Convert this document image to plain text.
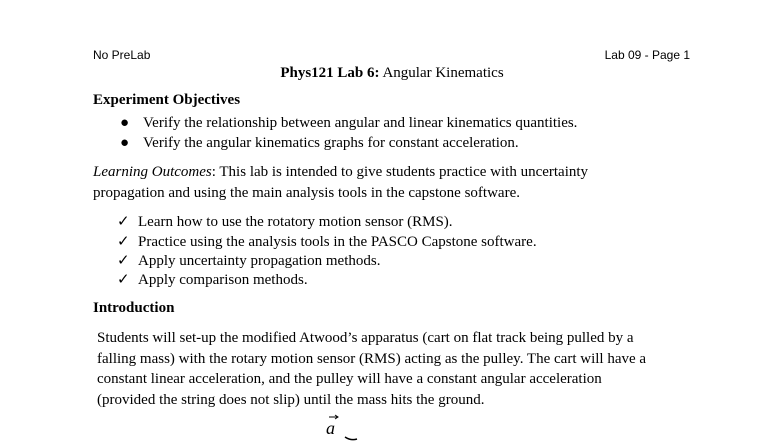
No PreLab	Lab 09 - Page 1
Phys121 Lab 6: Angular Kinematics
Experiment Objectives
● Verify the relationship between angular and linear kinematics quantities.
● Verify the angular kinematics graphs for constant acceleration.
Learning Outcomes: This lab is intended to give students practice with uncertainty
propagation and using the main analysis tools in the capstone software.
✓ Learn how to use the rotatory motion sensor (RMS).
✓ Practice using the analysis tools in the PASCO Capstone software.
✓ Apply uncertainty propagation methods.
✓ Apply comparison methods.
Introduction
Students will set-up the modified Atwood’s apparatus (cart on flat track being pulled by a
falling mass) with the rotary motion sensor (RMS) acting as the pulley. The cart will have a
constant linear acceleration, and the pulley will have a constant angular acceleration
(provided the string does not slip) until the mass hits the ground.
a
